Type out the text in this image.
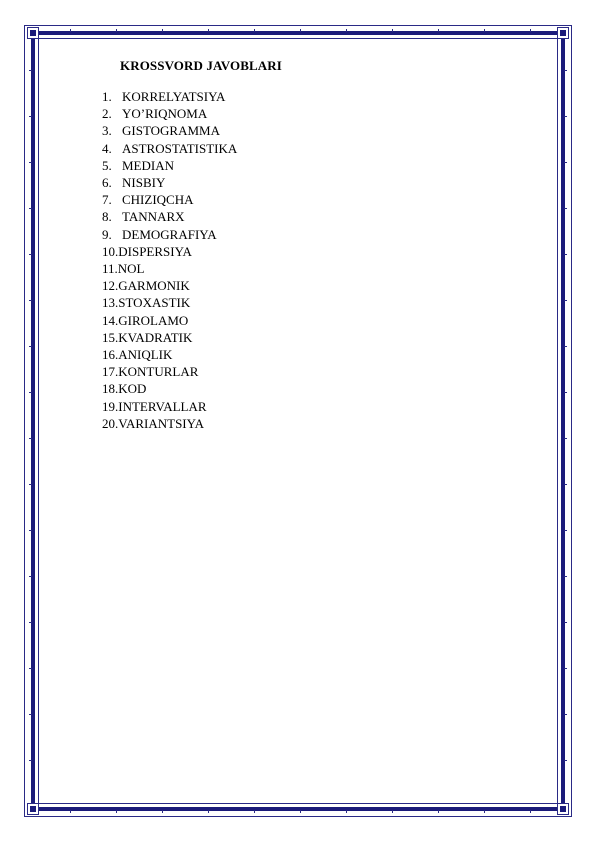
KROSSVORD JAVOBLARI
1. KORRELYATSIYA
2. YO’RIQNOMA
3. GISTOGRAMMA
4. ASTROSTATISTIKA
5. MEDIAN
6. NISBIY
7. CHIZIQCHA
8. TANNARX
9. DEMOGRAFIYA
10. DISPERSIYA
11. NOL
12. GARMONIK
13. STOXASTIK
14. GIROLAMO
15. KVADRATIK
16. ANIQLIK
17. KONTURLAR
18. KOD
19. INTERVALLAR
20. VARIANTSIYA
